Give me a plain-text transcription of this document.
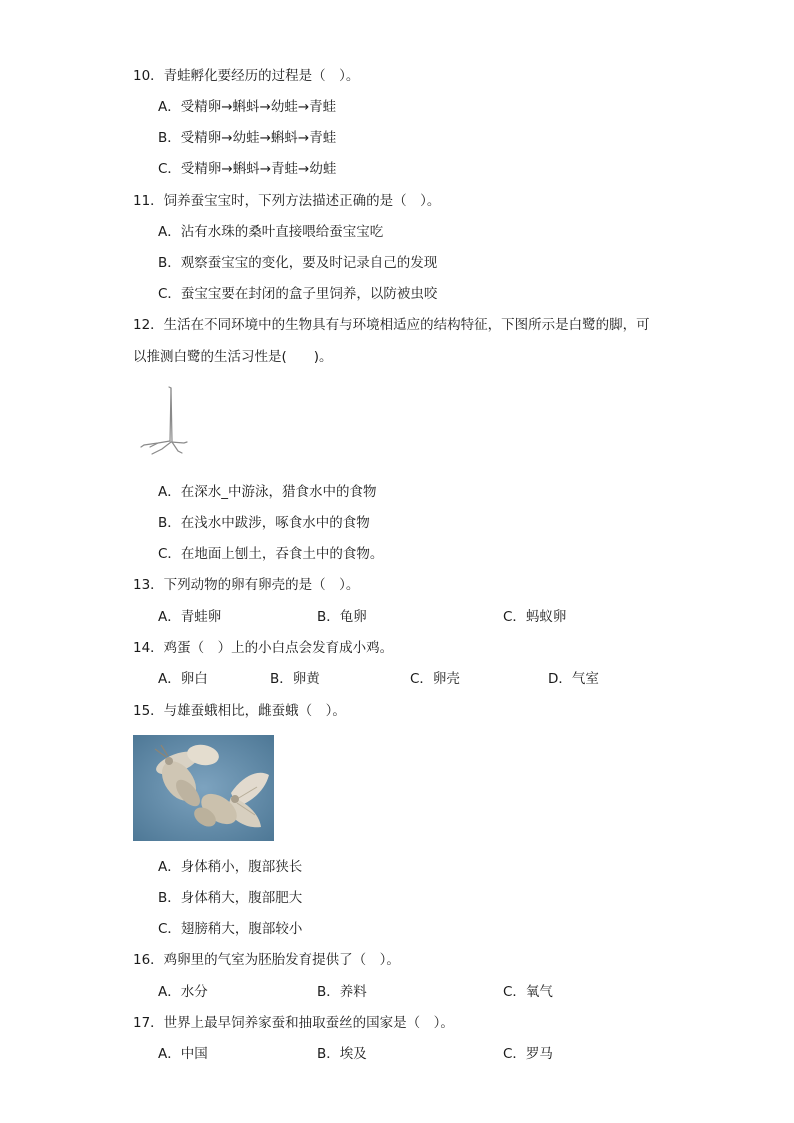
10．青蛙孵化要经历的过程是（　）。
A．受精卵→蝌蚪→幼蛙→青蛙
B．受精卵→幼蛙→蝌蚪→青蛙
C．受精卵→蝌蚪→青蛙→幼蛙
11．饲养蚕宝宝时，下列方法描述正确的是（　）。
A．沾有水珠的桑叶直接喂给蚕宝宝吃
B．观察蚕宝宝的变化，要及时记录自己的发现
C．蚕宝宝要在封闭的盒子里饲养，以防被虫咬
12．生活在不同环境中的生物具有与环境相适应的结构特征，下图所示是白鹭的脚，可
以推测白鹭的生活习性是(　　)。
A．在深水_中游泳，猎食水中的食物
B．在浅水中跋涉，啄食水中的食物
C．在地面上刨土，吞食土中的食物。
13．下列动物的卵有卵壳的是（　）。
A．青蛙卵	B．龟卵	C．蚂蚁卵
14．鸡蛋（　）上的小白点会发育成小鸡。
A．卵白	B．卵黄	C．卵壳	D．气室
15．与雄蚕蛾相比，雌蚕蛾（　）。
A．身体稍小，腹部狭长
B．身体稍大，腹部肥大
C．翅膀稍大，腹部较小
16．鸡卵里的气室为胚胎发育提供了（　）。
A．水分	B．养料	C．氧气
17．世界上最早饲养家蚕和抽取蚕丝的国家是（　）。
A．中国	B．埃及	C．罗马
